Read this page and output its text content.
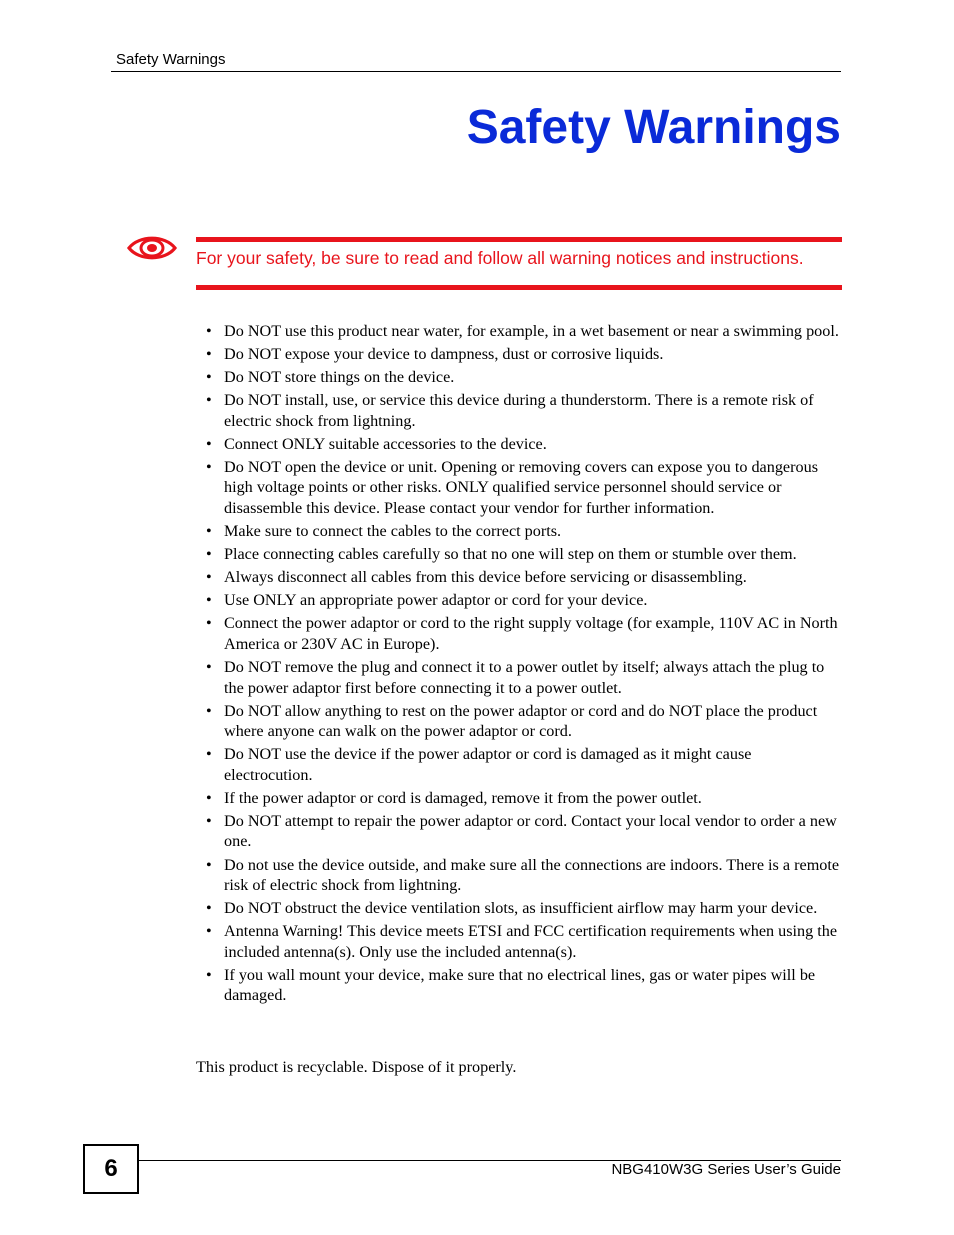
Safety Warnings
Safety Warnings
For your safety, be sure to read and follow all warning notices and instructions.
• Do NOT use this product near water, for example, in a wet basement or near a swimming pool.
• Do NOT expose your device to dampness, dust or corrosive liquids.
• Do NOT store things on the device.
• Do NOT install, use, or service this device during a thunderstorm. There is a remote risk of electric shock from lightning.
• Connect ONLY suitable accessories to the device.
• Do NOT open the device or unit. Opening or removing covers can expose you to dangerous high voltage points or other risks. ONLY qualified service personnel should service or disassemble this device. Please contact your vendor for further information.
• Make sure to connect the cables to the correct ports.
• Place connecting cables carefully so that no one will step on them or stumble over them.
• Always disconnect all cables from this device before servicing or disassembling.
• Use ONLY an appropriate power adaptor or cord for your device.
• Connect the power adaptor or cord to the right supply voltage (for example, 110V AC in North America or 230V AC in Europe).
• Do NOT remove the plug and connect it to a power outlet by itself; always attach the plug to the power adaptor first before connecting it to a power outlet.
• Do NOT allow anything to rest on the power adaptor or cord and do NOT place the product where anyone can walk on the power adaptor or cord.
• Do NOT use the device if the power adaptor or cord is damaged as it might cause electrocution.
• If the power adaptor or cord is damaged, remove it from the power outlet.
• Do NOT attempt to repair the power adaptor or cord. Contact your local vendor to order a new one.
• Do not use the device outside, and make sure all the connections are indoors. There is a remote risk of electric shock from lightning.
• Do NOT obstruct the device ventilation slots, as insufficient airflow may harm your device.
• Antenna Warning! This device meets ETSI and FCC certification requirements when using the included antenna(s). Only use the included antenna(s).
• If you wall mount your device, make sure that no electrical lines, gas or water pipes will be damaged.
This product is recyclable. Dispose of it properly.
6	NBG410W3G Series User’s Guide
